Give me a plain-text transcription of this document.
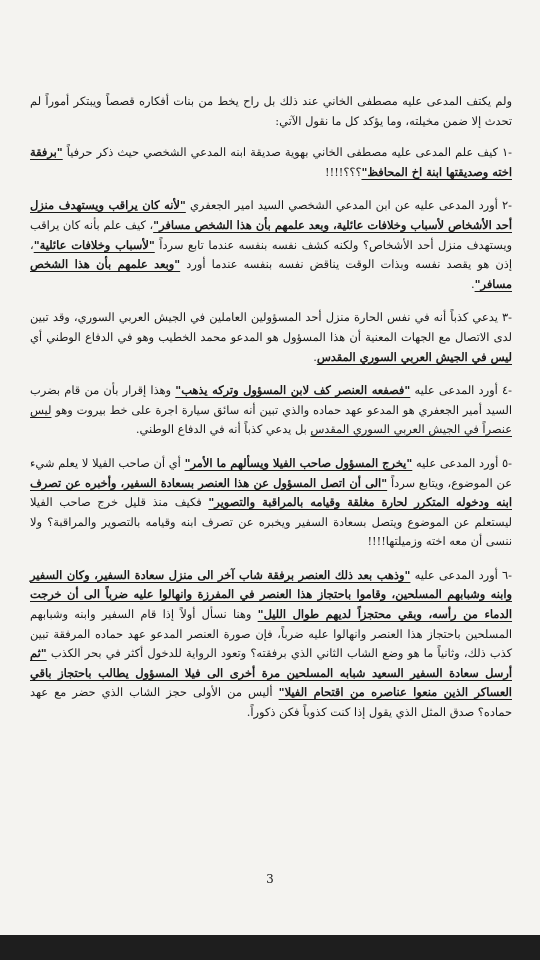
ولم يكتف المدعى عليه مصطفى الخاني عند ذلك بل راح يخط من بنات أفكاره قصصاً ويبتكر أموراً لم تحدث إلا ضمن مخيلته، وما يؤكد كل ما نقول الآتي:

-١ كيف علم المدعى عليه مصطفى الخاني بهوية صديقة ابنه المدعي الشخصي حيث ذكر حرفياً "برفقة اخته وصديقتها ابنة اخ المحافظ"؟؟؟!!!!

-٢ أورد المدعى عليه عن ابن المدعي الشخصي السيد امير الجعفري "لأنه كان يراقب ويستهدف منزل أحد الأشخاص لأسباب وخلافات عائلية، وبعد علمهم بأن هذا الشخص مسافر"، كيف علم بأنه كان يراقب ويستهدف منزل أحد الأشخاص؟ ولكنه كشف نفسه بنفسه عندما تابع سرداً "لأسباب وخلافات عائلية"، إذن هو يقصد نفسه وبذات الوقت يناقض نفسه بنفسه عندما أورد "وبعد علمهم بأن هذا الشخص مسافر".

-٣ يدعي كذباً أنه في نفس الحارة منزل أحد المسؤولين العاملين في الجيش العربي السوري، وقد تبين لدى الاتصال مع الجهات المعنية أن هذا المسؤول هو المدعو محمد الخطيب وهو في الدفاع الوطني أي ليس في الجيش العربي السوري المقدس.

-٤ أورد المدعى عليه "فصفعه العنصر كف لابن المسؤول وتركه يذهب" وهذا إقرار بأن من قام بضرب السيد أمير الجعفري هو المدعو عهد حماده والذي تبين أنه سائق سيارة اجرة على خط بيروت وهو ليس عنصراً في الجيش العربي السوري المقدس بل يدعي كذباً أنه في الدفاع الوطني.

-٥ أورد المدعى عليه "يخرج المسؤول صاحب الفيلا ويسألهم ما الأمر" أي أن صاحب الفيلا لا يعلم شيء عن الموضوع، ويتابع سرداً "الى أن اتصل المسؤول عن هذا العنصر بسعادة السفير، وأخبره عن تصرف ابنه ودخوله المتكرر لحارة مغلقة وقيامه بالمراقبة والتصوير" فكيف منذ قليل خرج صاحب الفيلا ليستعلم عن الموضوع ويتصل بسعادة السفير ويخبره عن تصرف ابنه وقيامه بالتصوير والمراقبة؟ ولا ننسى أن معه اخته وزميلتها!!!!

-٦ أورد المدعى عليه "وذهب بعد ذلك العنصر برفقة شاب آخر الى منزل سعادة السفير، وكان السفير وابنه وشبابهم المسلحين، وقاموا باحتجاز هذا العنصر في المفرزة وانهالوا عليه ضرباً الى أن خرجت الدماء من رأسه، وبقي محتجزاً لديهم طوال الليل" وهنا نسأل أولاً إذا قام السفير وابنه وشبابهم المسلحين باحتجاز هذا العنصر وانهالوا عليه ضرباً، فإن صورة العنصر المدعو عهد حماده المرفقة تبين كذب ذلك، وثانياً ما هو وضع الشاب الثاني الذي برفقته؟ وتعود الرواية للدخول أكثر في بحر الكذب "ثم أرسل سعادة السفير السعيد شبابه المسلحين مرة أخرى الى فيلا المسؤول يطالب باحتجاز باقي العساكر الذين منعوا عناصره من اقتحام الفيلا" أليس من الأولى حجز الشاب الذي حضر مع عهد حماده؟ صدق المثل الذي يقول إذا كنت كذوباً فكن ذكوراً.

3
